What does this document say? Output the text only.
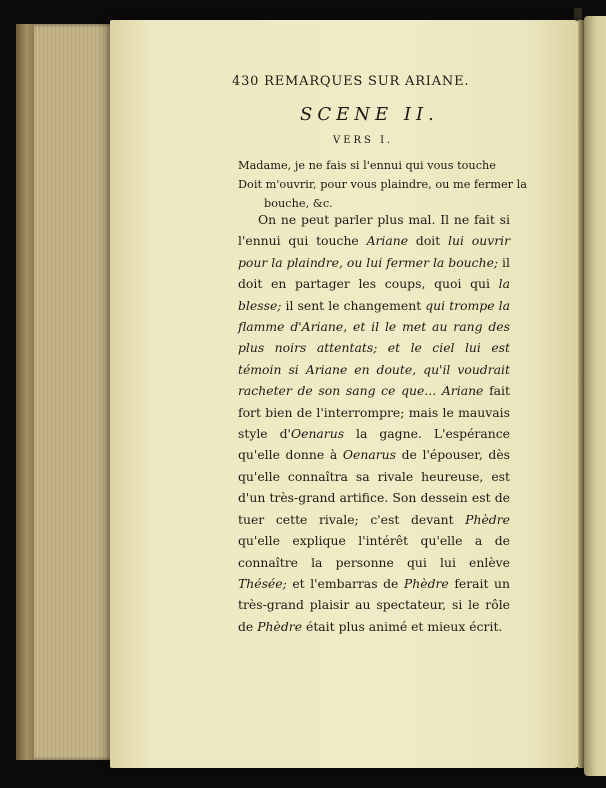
430 REMARQUES SUR ARIANE.
SCENE II.
VERS I.
Madame, je ne fais si l'ennui qui vous touche
Doit m'ouvrir, pour vous plaindre, ou me fermer la
bouche, &c.

On ne peut parler plus mal. Il ne fait si l'ennui qui touche Ariane doit lui ouvrir pour la plaindre, ou lui fermer la bouche; il doit en partager les coups, quoi qui la blesse; il sent le changement qui trompe la flamme d'Ariane, et il le met au rang des plus noirs attentats; et le ciel lui est témoin si Ariane en doute, qu'il voudrait racheter de son sang ce que... Ariane fait fort bien de l'interrompre; mais le mauvais style d'Oenarus la gagne. L'espérance qu'elle donne à Oenarus de l'épouser, dès qu'elle connaîtra sa rivale heureuse, est d'un très-grand artifice. Son dessein est de tuer cette rivale; c'est devant Phèdre qu'elle explique l'intérêt qu'elle a de connaître la personne qui lui enlève Thésée; et l'embarras de Phèdre ferait un très-grand plaisir au spectateur, si le rôle de Phèdre était plus animé et mieux écrit.
